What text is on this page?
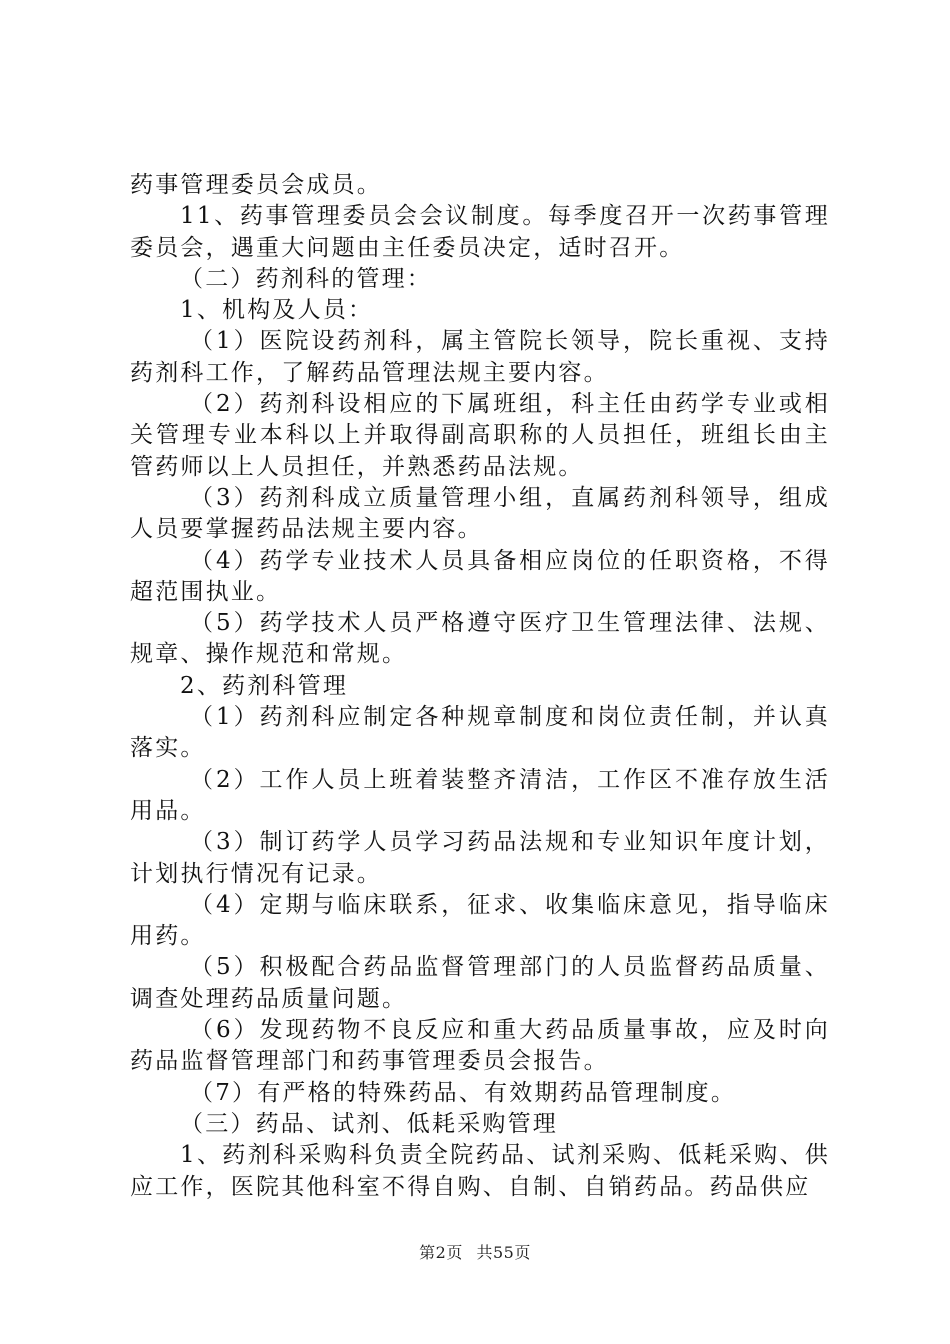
药事管理委员会成员。

11、药事管理委员会会议制度。每季度召开一次药事管理委员会，遇重大问题由主任委员决定，适时召开。

（二）药剂科的管理：

1、机构及人员：

（1）医院设药剂科，属主管院长领导，院长重视、支持药剂科工作，了解药品管理法规主要内容。

（2）药剂科设相应的下属班组，科主任由药学专业或相关管理专业本科以上并取得副高职称的人员担任，班组长由主管药师以上人员担任，并熟悉药品法规。

（3）药剂科成立质量管理小组，直属药剂科领导，组成人员要掌握药品法规主要内容。

（4）药学专业技术人员具备相应岗位的任职资格，不得超范围执业。

（5）药学技术人员严格遵守医疗卫生管理法律、法规、规章、操作规范和常规。

2、药剂科管理

（1）药剂科应制定各种规章制度和岗位责任制，并认真落实。

（2）工作人员上班着装整齐清洁，工作区不准存放生活用品。

（3）制订药学人员学习药品法规和专业知识年度计划，计划执行情况有记录。

（4）定期与临床联系，征求、收集临床意见，指导临床用药。

（5）积极配合药品监督管理部门的人员监督药品质量、调查处理药品质量问题。

（6）发现药物不良反应和重大药品质量事故，应及时向药品监督管理部门和药事管理委员会报告。

（7）有严格的特殊药品、有效期药品管理制度。

（三）药品、试剂、低耗采购管理

1、药剂科采购科负责全院药品、试剂采购、低耗采购、供应工作，医院其他科室不得自购、自制、自销药品。药品供应

第2页 共55页
